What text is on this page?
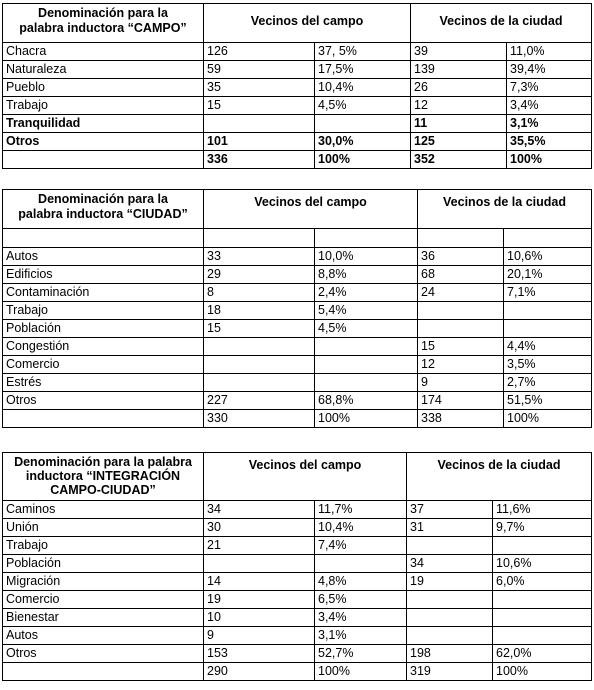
Denominación para la
palabra inductora “CAMPO”	Vecinos del campo		Vecinos de la ciudad	
Chacra	126	37, 5%	39	11,0%
Naturaleza	59	17,5%	139	39,4%
Pueblo	35	10,4%	26	7,3%
Trabajo	15	4,5%	12	3,4%
Tranquilidad			11	3,1%
Otros	101	30,0%	125	35,5%
	336	100%	352	100%
Denominación para la
palabra inductora “CIUDAD”	Vecinos del campo		Vecinos de la ciudad	

Autos	33	10,0%	36	10,6%
Edificios	29	8,8%	68	20,1%
Contaminación	8	2,4%	24	7,1%
Trabajo	18	5,4%		
Población	15	4,5%		
Congestión			15	4,4%
Comercio			12	3,5%
Estrés			9	2,7%
Otros	227	68,8%	174	51,5%
	330	100%	338	100%
Denominación para la palabra
inductora “INTEGRACIÓN
CAMPO-CIUDAD”	Vecinos del campo		Vecinos de la ciudad	
Caminos	34	11,7%	37	11,6%
Unión	30	10,4%	31	9,7%
Trabajo	21	7,4%		
Población			34	10,6%
Migración	14	4,8%	19	6,0%
Comercio	19	6,5%		
Bienestar	10	3,4%		
Autos	9	3,1%		
Otros	153	52,7%	198	62,0%
	290	100%	319	100%
